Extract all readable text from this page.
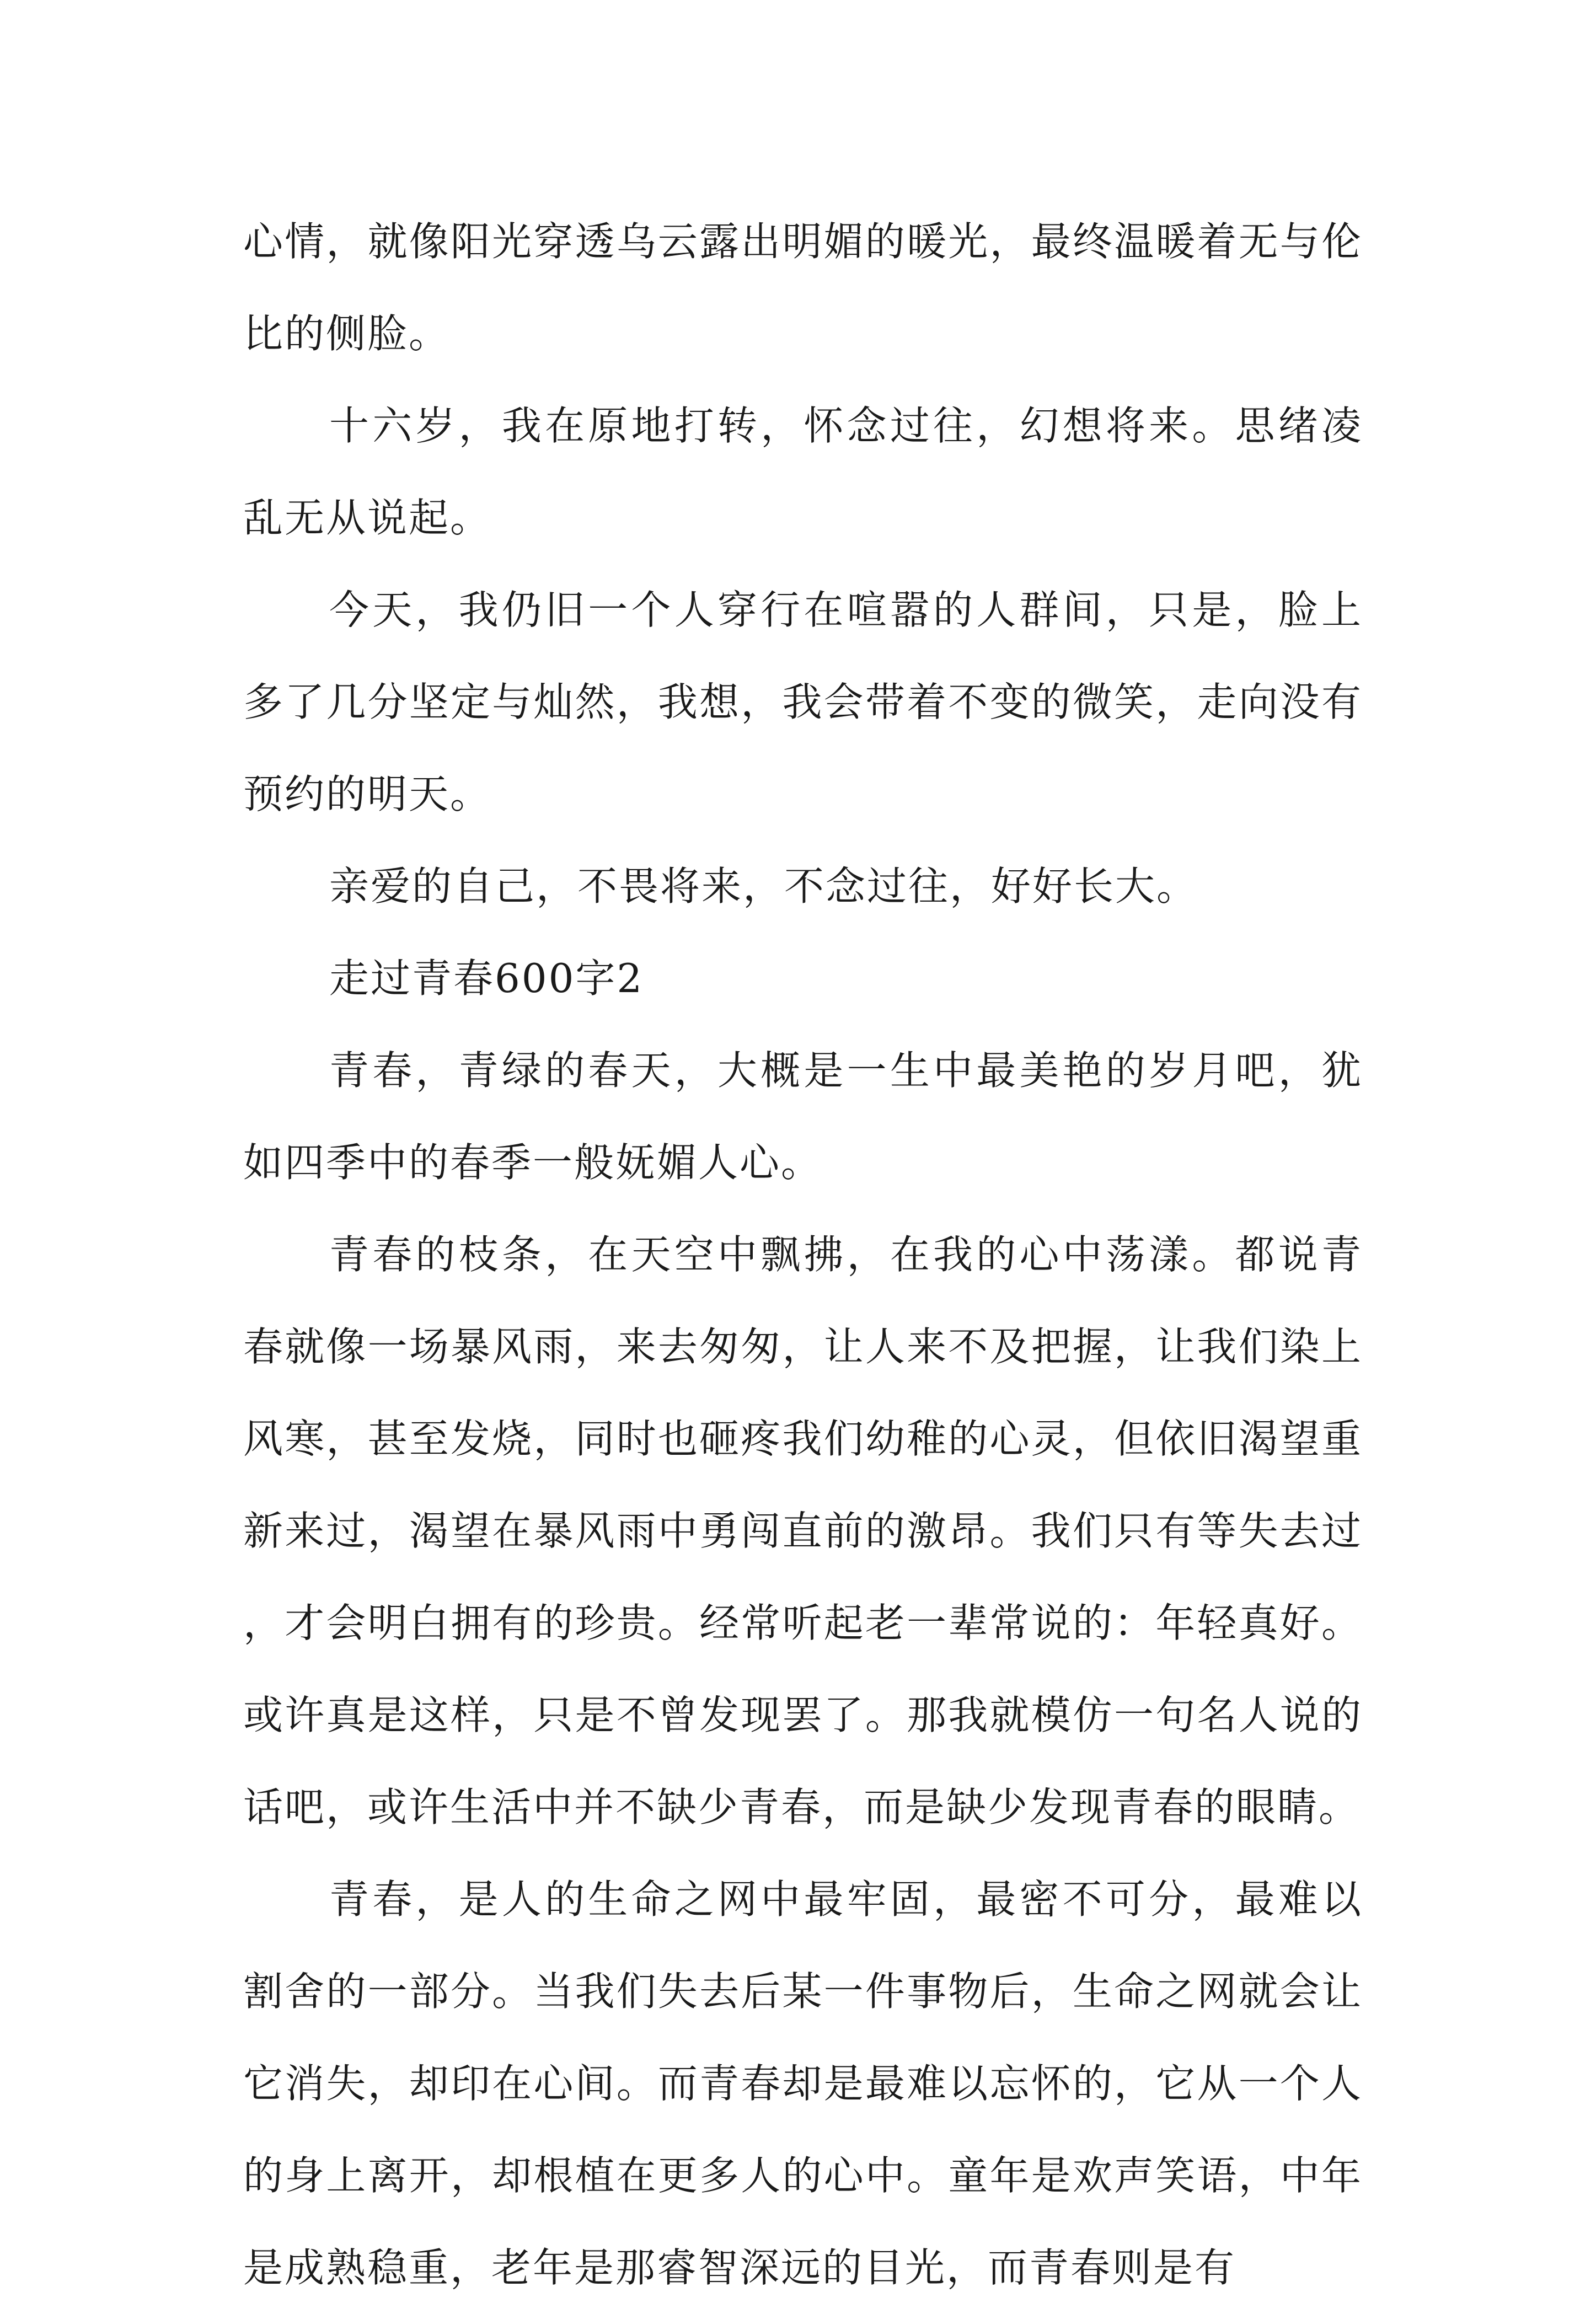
心情，就像阳光穿透乌云露出明媚的暖光，最终温暖着无与伦比的侧脸。

十六岁，我在原地打转，怀念过往，幻想将来。思绪凌乱无从说起。

今天，我仍旧一个人穿行在喧嚣的人群间，只是，脸上多了几分坚定与灿然，我想，我会带着不变的微笑，走向没有预约的明天。

亲爱的自己，不畏将来，不念过往，好好长大。

走过青春600字2

青春，青绿的春天，大概是一生中最美艳的岁月吧，犹如四季中的春季一般妩媚人心。

青春的枝条，在天空中飘拂，在我的心中荡漾。都说青春就像一场暴风雨，来去匆匆，让人来不及把握，让我们染上风寒，甚至发烧，同时也砸疼我们幼稚的心灵，但依旧渴望重新来过，渴望在暴风雨中勇闯直前的激昂。我们只有等失去过，才会明白拥有的珍贵。经常听起老一辈常说的：年轻真好。或许真是这样，只是不曾发现罢了。那我就模仿一句名人说的话吧，或许生活中并不缺少青春，而是缺少发现青春的眼睛。

青春，是人的生命之网中最牢固，最密不可分，最难以割舍的一部分。当我们失去后某一件事物后，生命之网就会让它消失，却印在心间。而青春却是最难以忘怀的，它从一个人的身上离开，却根植在更多人的心中。童年是欢声笑语，中年是成熟稳重，老年是那睿智深远的目光，而青春则是有
